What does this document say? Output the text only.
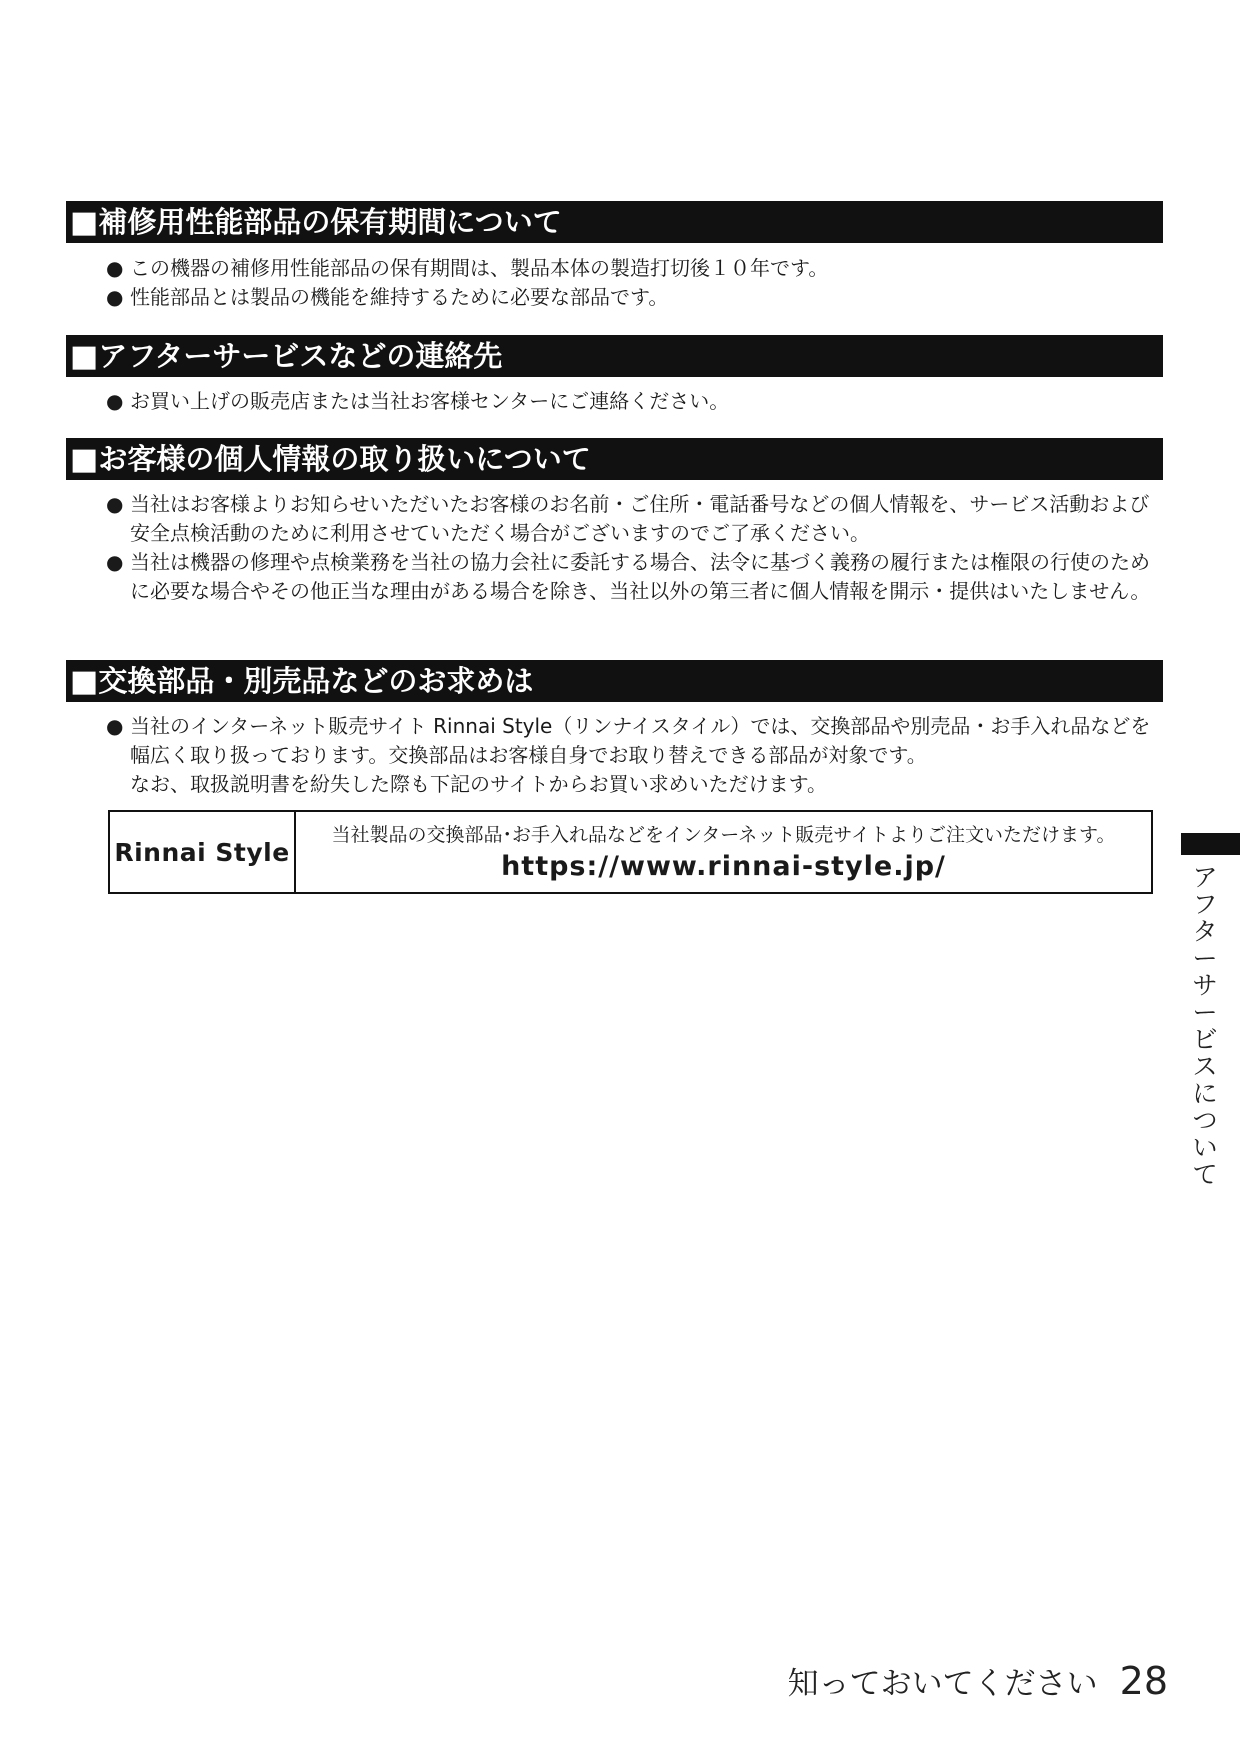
■補修用性能部品の保有期間について
● この機器の補修用性能部品の保有期間は、製品本体の製造打切後１０年です。
● 性能部品とは製品の機能を維持するために必要な部品です。
■アフターサービスなどの連絡先
● お買い上げの販売店または当社お客様センターにご連絡ください。
■お客様の個人情報の取り扱いについて
● 当社はお客様よりお知らせいただいたお客様のお名前・ご住所・電話番号などの個人情報を、サービス活動および安全点検活動のために利用させていただく場合がございますのでご了承ください。
● 当社は機器の修理や点検業務を当社の協力会社に委託する場合、法令に基づく義務の履行または権限の行使のために必要な場合やその他正当な理由がある場合を除き、当社以外の第三者に個人情報を開示・提供はいたしません。
■交換部品・別売品などのお求めは
● 当社のインターネット販売サイト Rinnai Style（リンナイスタイル）では、交換部品や別売品・お手入れ品などを幅広く取り扱っております。交換部品はお客様自身でお取り替えできる部品が対象です。
なお、取扱説明書を紛失した際も下記のサイトからお買い求めいただけます。
Rinnai Style
当社製品の交換部品･お手入れ品などをインターネット販売サイトよりご注文いただけます。
https://www.rinnai-style.jp/	ア
フ
タ
ー
サ
ー
ビ
ス
に
つ
い
て
知っておいてください 28
